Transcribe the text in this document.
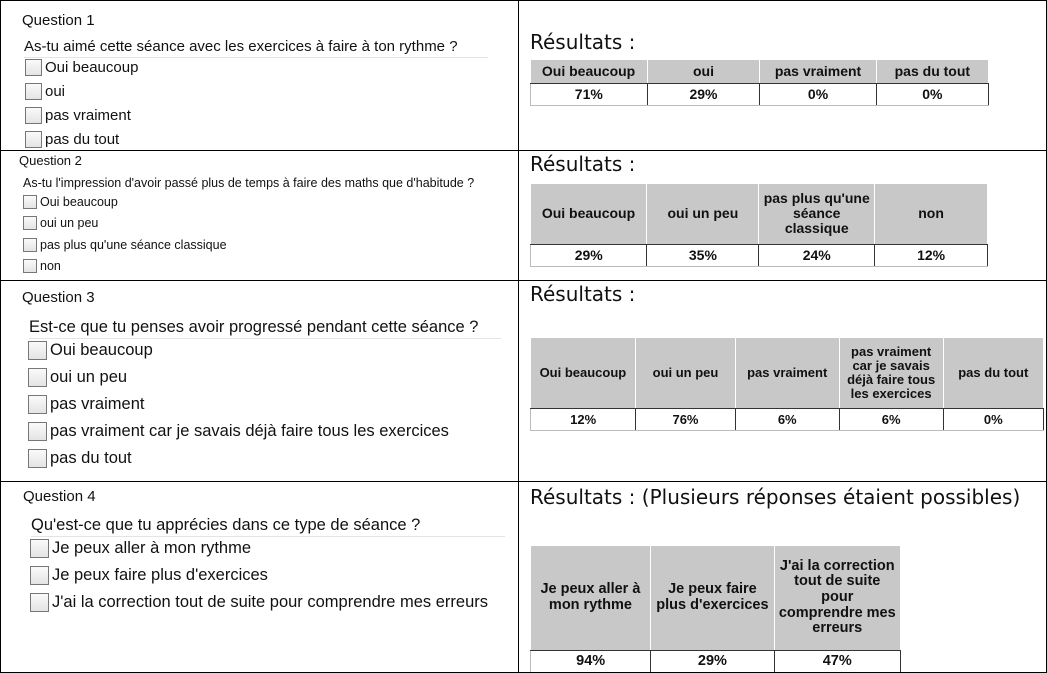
Question 1
As-tu aimé cette séance avec les exercices à faire à ton rythme ?
Oui beaucoup
oui
pas vraiment
pas du tout
Résultats :
Oui beaucoup	oui	pas vraiment	pas du tout
71%	29%	0%	0%
Question 2
As-tu l'impression d'avoir passé plus de temps à faire des maths que d'habitude ?
Oui beaucoup
oui un peu
pas plus qu'une séance classique
non
Résultats :
Oui beaucoup	oui un peu	pas plus qu'une séance classique	non
29%	35%	24%	12%
Question 3
Est-ce que tu penses avoir progressé pendant cette séance ?
Oui beaucoup
oui un peu
pas vraiment
pas vraiment car je savais déjà faire tous les exercices
pas du tout
Résultats :
Oui beaucoup	oui un peu	pas vraiment	pas vraiment car je savais déjà faire tous les exercices	pas du tout
12%	76%	6%	6%	0%
Question 4
Qu'est-ce que tu apprécies dans ce type de séance ?
Je peux aller à mon rythme
Je peux faire plus d'exercices
J'ai la correction tout de suite pour comprendre mes erreurs
Résultats : (Plusieurs réponses étaient possibles)
Je peux aller à mon rythme	Je peux faire plus d'exercices	J'ai la correction tout de suite pour comprendre mes erreurs
94%	29%	47%
